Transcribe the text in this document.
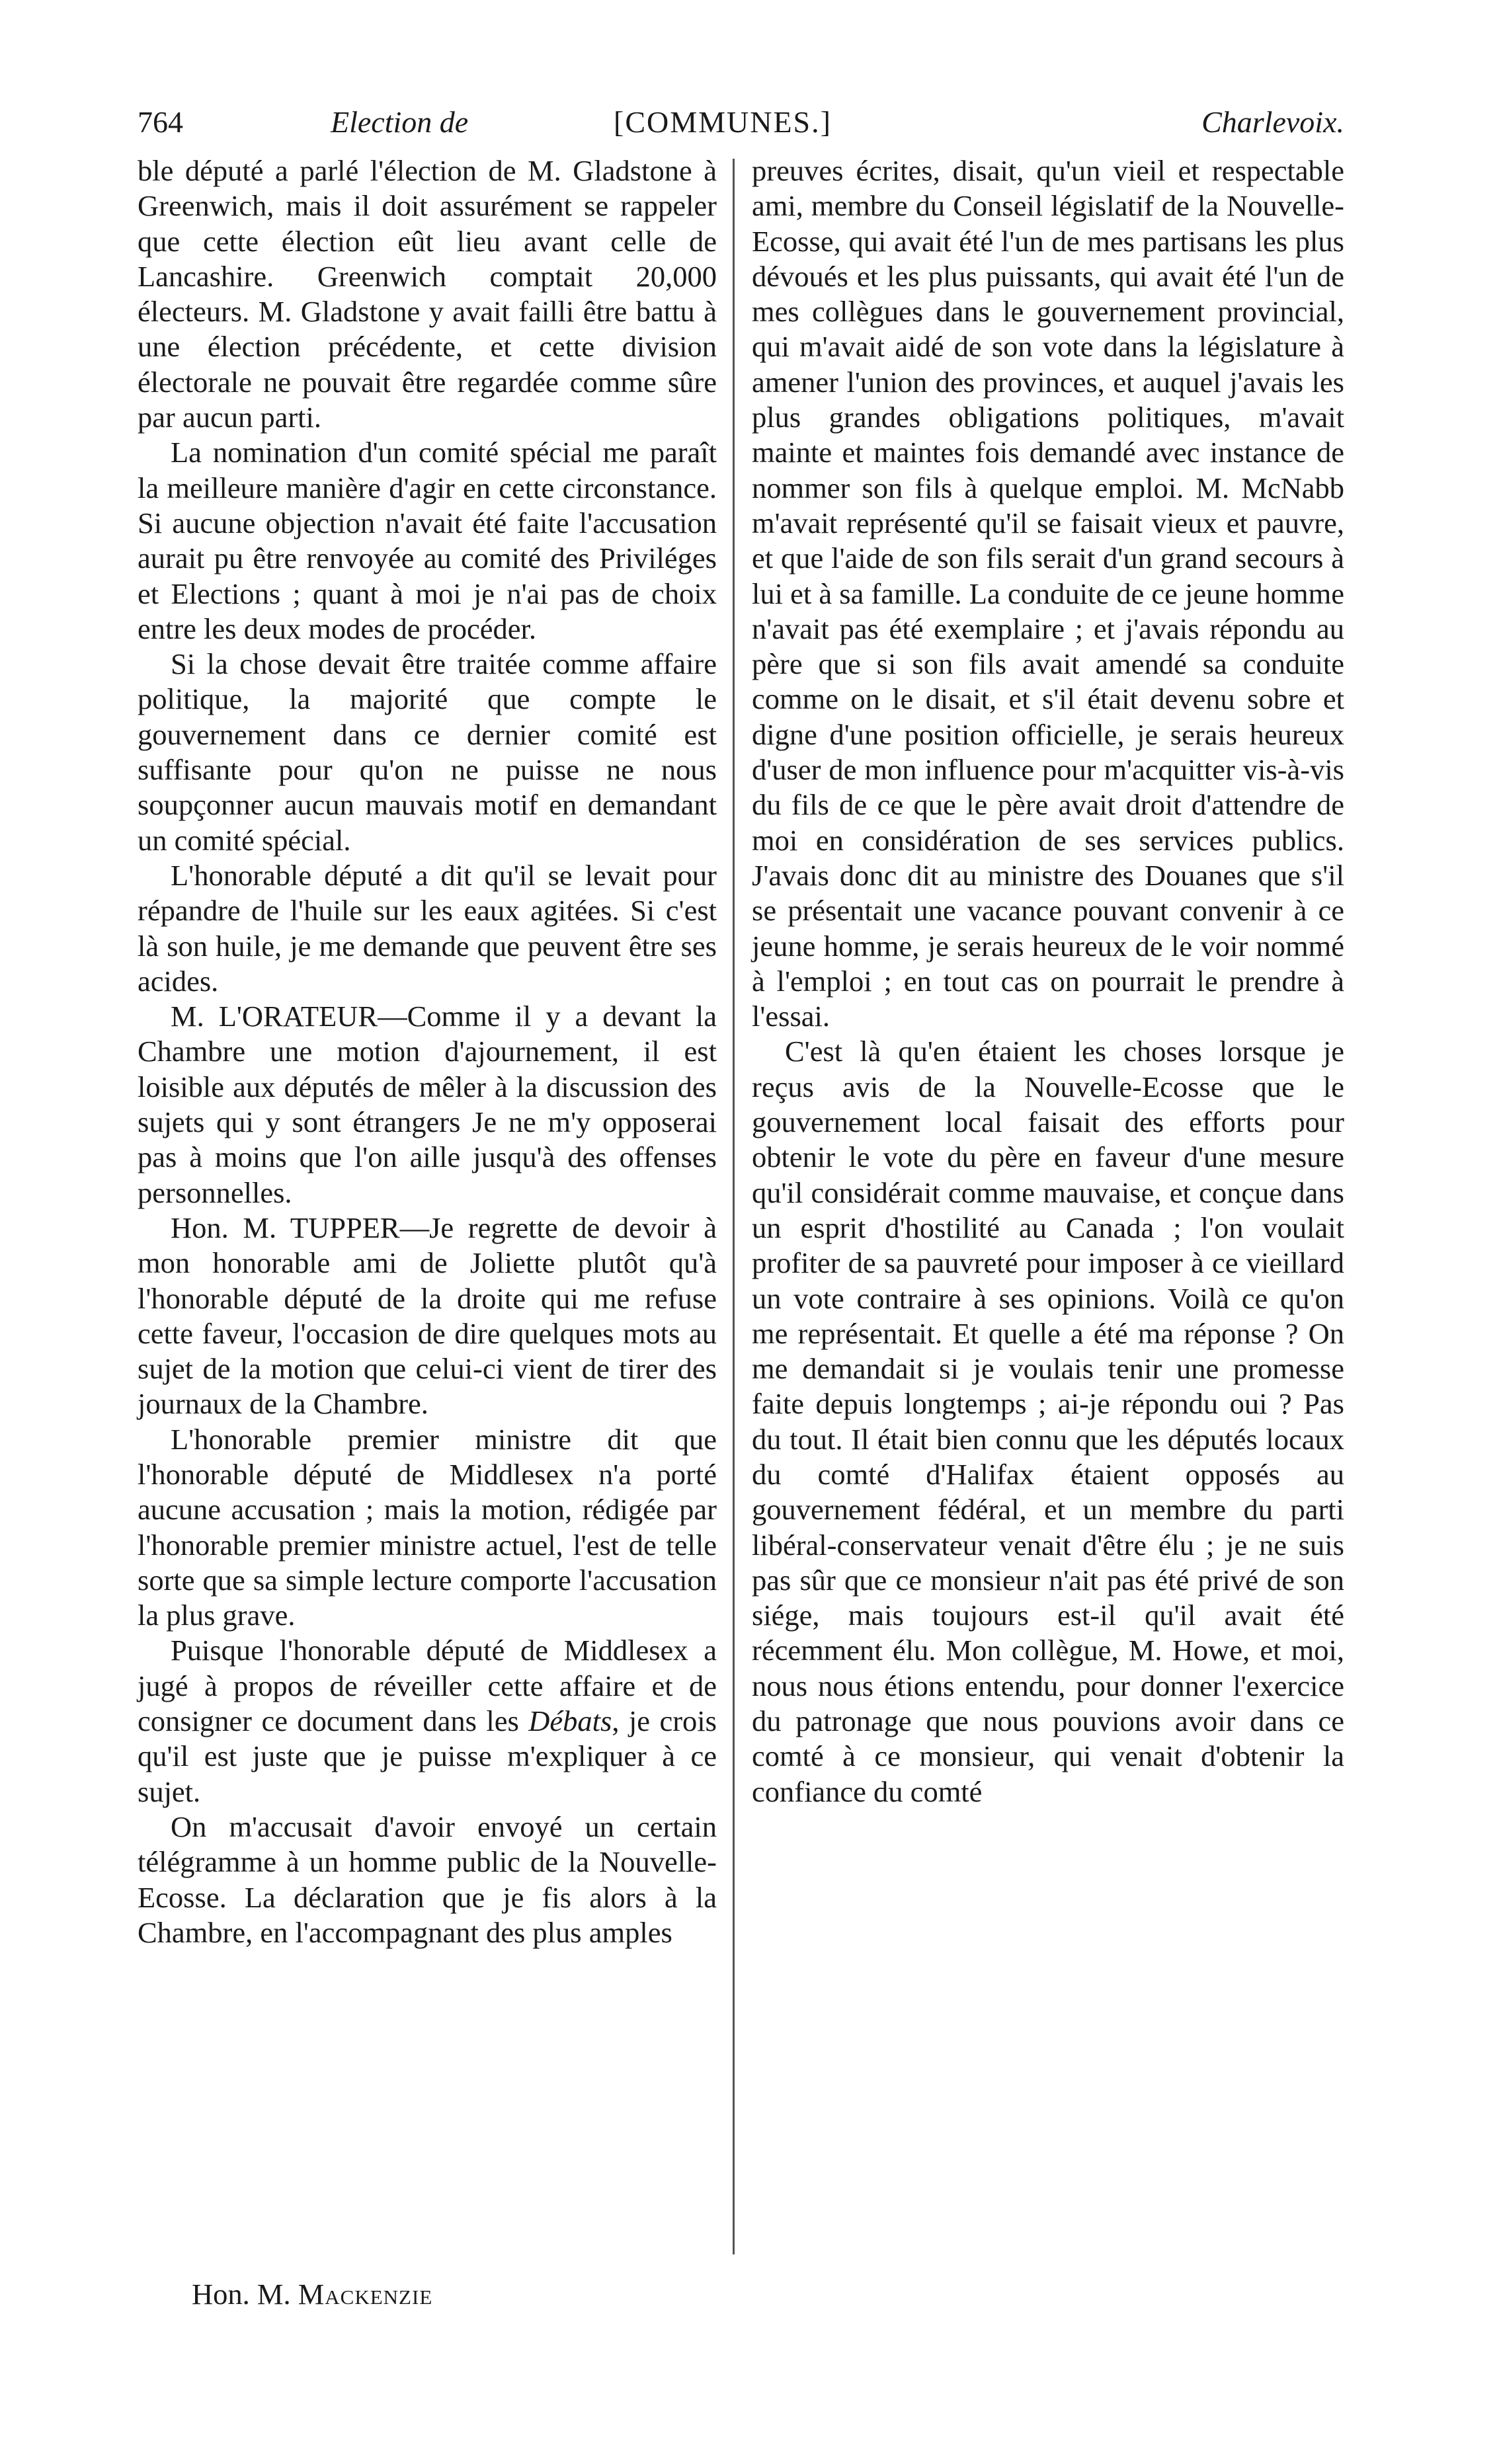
764	Election de	[COMMUNES.]	Charlevoix.

ble député a parlé l'élection de M. Gladstone à Greenwich, mais il doit assurément se rappeler que cette élection eût lieu avant celle de Lancashire. Greenwich comptait 20,000 électeurs. M. Gladstone y avait failli être battu à une élection précédente, et cette division électorale ne pouvait être regardée comme sûre par aucun parti.

La nomination d'un comité spécial me paraît la meilleure manière d'agir en cette circonstance. Si aucune objection n'avait été faite l'accusation aurait pu être renvoyée au comité des Priviléges et Elections ; quant à moi je n'ai pas de choix entre les deux modes de procéder.

Si la chose devait être traitée comme affaire politique, la majorité que compte le gouvernement dans ce dernier comité est suffisante pour qu'on ne puisse ne nous soupçonner aucun mauvais motif en demandant un comité spécial.

L'honorable député a dit qu'il se levait pour répandre de l'huile sur les eaux agitées. Si c'est là son huile, je me demande que peuvent être ses acides.

M. L'ORATEUR—Comme il y a devant la Chambre une motion d'ajournement, il est loisible aux députés de mêler à la discussion des sujets qui y sont étrangers Je ne m'y opposerai pas à moins que l'on aille jusqu'à des offenses personnelles.

Hon. M. TUPPER—Je regrette de devoir à mon honorable ami de Joliette plutôt qu'à l'honorable député de la droite qui me refuse cette faveur, l'occasion de dire quelques mots au sujet de la motion que celui-ci vient de tirer des journaux de la Chambre.

L'honorable premier ministre dit que l'honorable député de Middlesex n'a porté aucune accusation ; mais la motion, rédigée par l'honorable premier ministre actuel, l'est de telle sorte que sa simple lecture comporte l'accusation la plus grave.

Puisque l'honorable député de Middlesex a jugé à propos de réveiller cette affaire et de consigner ce document dans les Débats, je crois qu'il est juste que je puisse m'expliquer à ce sujet.

On m'accusait d'avoir envoyé un certain télégramme à un homme public de la Nouvelle-Ecosse. La déclaration que je fis alors à la Chambre, en l'accompagnant des plus amples

preuves écrites, disait, qu'un vieil et respectable ami, membre du Conseil législatif de la Nouvelle-Ecosse, qui avait été l'un de mes partisans les plus dévoués et les plus puissants, qui avait été l'un de mes collègues dans le gouvernement provincial, qui m'avait aidé de son vote dans la législature à amener l'union des provinces, et auquel j'avais les plus grandes obligations politiques, m'avait mainte et maintes fois demandé avec instance de nommer son fils à quelque emploi. M. McNabb m'avait représenté qu'il se faisait vieux et pauvre, et que l'aide de son fils serait d'un grand secours à lui et à sa famille. La conduite de ce jeune homme n'avait pas été exemplaire ; et j'avais répondu au père que si son fils avait amendé sa conduite comme on le disait, et s'il était devenu sobre et digne d'une position officielle, je serais heureux d'user de mon influence pour m'acquitter vis-à-vis du fils de ce que le père avait droit d'attendre de moi en considération de ses services publics. J'avais donc dit au ministre des Douanes que s'il se présentait une vacance pouvant convenir à ce jeune homme, je serais heureux de le voir nommé à l'emploi ; en tout cas on pourrait le prendre à l'essai.

C'est là qu'en étaient les choses lorsque je reçus avis de la Nouvelle-Ecosse que le gouvernement local faisait des efforts pour obtenir le vote du père en faveur d'une mesure qu'il considérait comme mauvaise, et conçue dans un esprit d'hostilité au Canada ; l'on voulait profiter de sa pauvreté pour imposer à ce vieillard un vote contraire à ses opinions. Voilà ce qu'on me représentait. Et quelle a été ma réponse ? On me demandait si je voulais tenir une promesse faite depuis longtemps ; ai-je répondu oui ? Pas du tout. Il était bien connu que les députés locaux du comté d'Halifax étaient opposés au gouvernement fédéral, et un membre du parti libéral-conservateur venait d'être élu ; je ne suis pas sûr que ce monsieur n'ait pas été privé de son siége, mais toujours est-il qu'il avait été récemment élu. Mon collègue, M. Howe, et moi, nous nous étions entendu, pour donner l'exercice du patronage que nous pouvions avoir dans ce comté à ce monsieur, qui venait d'obtenir la confiance du comté

Hon. M. Mackenzie
